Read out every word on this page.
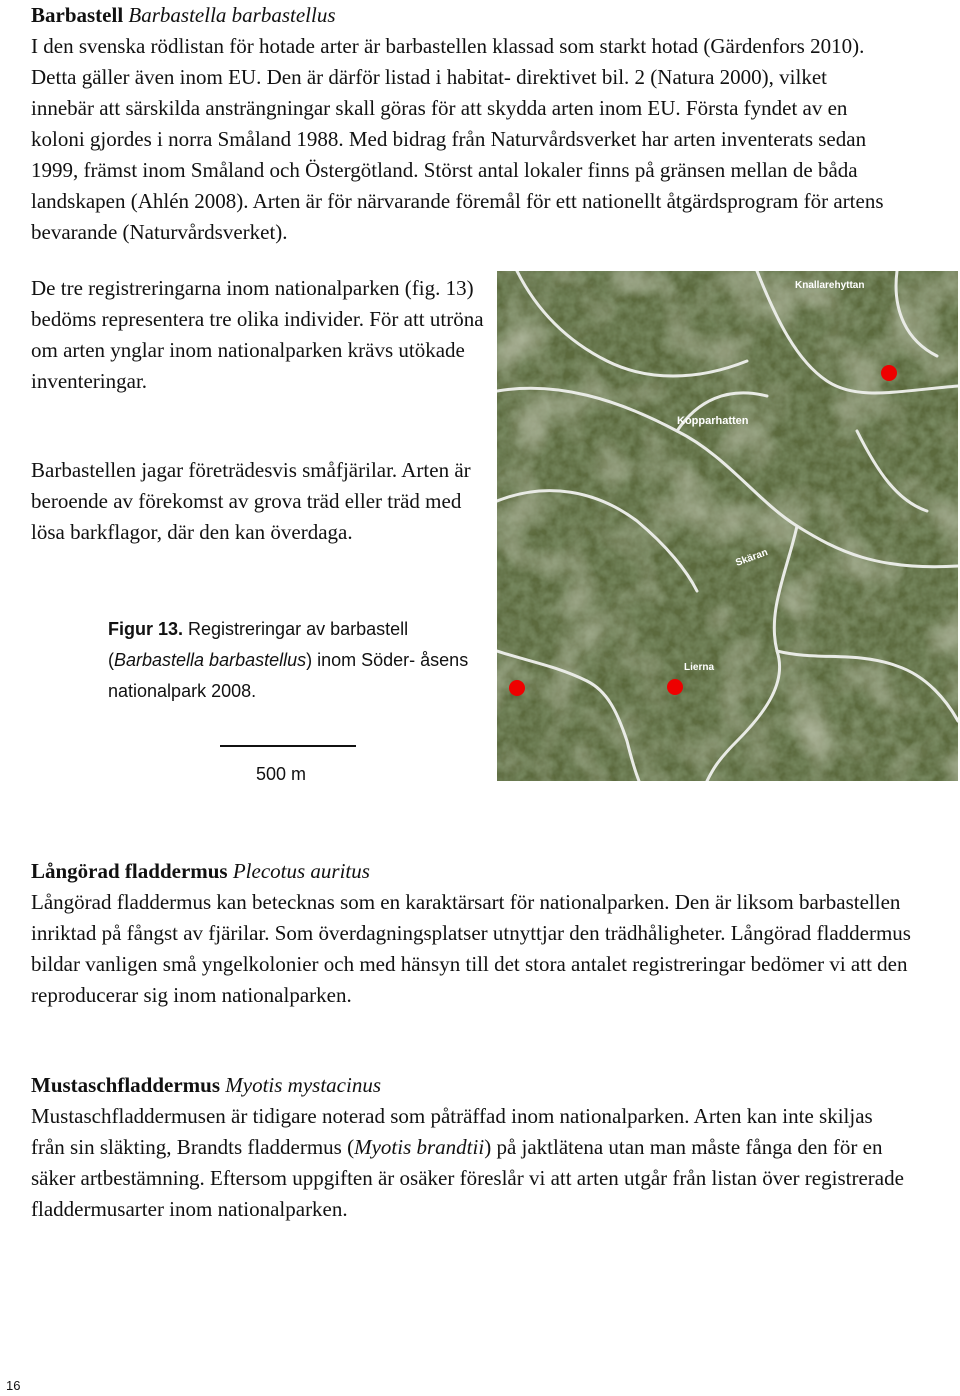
Barbastell Barbastella barbastellus

I den svenska rödlistan för hotade arter är barbastellen klassad som starkt hotad (Gärdenfors 2010). Detta gäller även inom EU. Den är därför listad i habitat- direktivet bil. 2 (Natura 2000), vilket innebär att särskilda ansträngningar skall göras för att skydda arten inom EU. Första fyndet av en koloni gjordes i norra Småland 1988. Med bidrag från Naturvårdsverket har arten inventerats sedan 1999, främst inom Småland och Östergötland. Störst antal lokaler finns på gränsen mellan de båda landskapen (Ahlén 2008). Arten är för närvarande föremål för ett nationellt åtgärdsprogram för artens bevarande (Naturvårdsverket).

De tre registreringarna inom nationalparken (fig. 13) bedöms representera tre olika individer. För att utröna om arten ynglar inom nationalparken krävs utökade inventeringar.

Barbastellen jagar företrädesvis småfjärilar. Arten är beroende av förekomst av grova träd eller träd med lösa barkflagor, där den kan överdaga.

Figur 13. Registreringar av barbastell (Barbastella barbastellus) inom Söder- åsens nationalpark 2008.
500 m
Knallarehyttan
Kopparhatten
Skäran
Lierna

Långörad fladdermus Plecotus auritus

Långörad fladdermus kan betecknas som en karaktärsart för nationalparken. Den är liksom barbastellen inriktad på fångst av fjärilar. Som överdagningsplatser utnyttjar den trädhåligheter. Långörad fladdermus bildar vanligen små yngelkolonier och med hänsyn till det stora antalet registreringar bedömer vi att den reproducerar sig inom nationalparken.

Mustaschfladdermus Myotis mystacinus

Mustaschfladdermusen är tidigare noterad som påträffad inom nationalparken. Arten kan inte skiljas från sin släkting, Brandts fladdermus (Myotis brandtii) på jaktlätena utan man måste fånga den för en säker artbestämning. Eftersom uppgiften är osäker föreslår vi att arten utgår från listan över registrerade fladdermusarter inom nationalparken.

16
